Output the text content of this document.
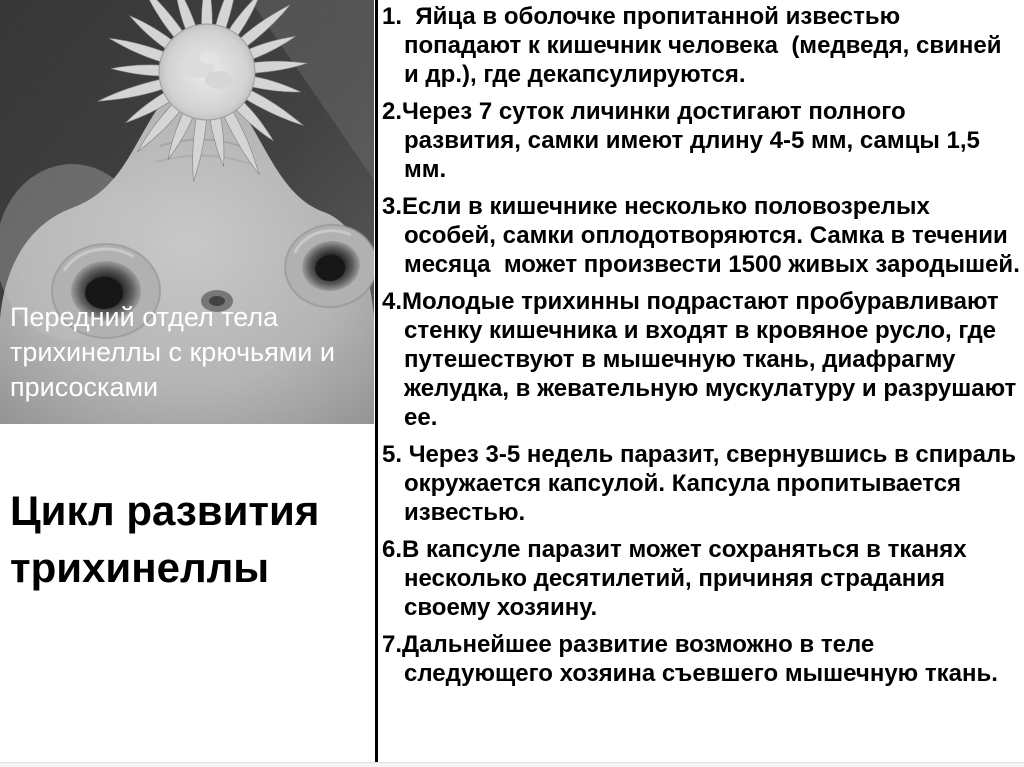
Передний отдел тела трихинеллы с крючьями и присосками
Цикл развития трихинеллы
1.  Яйца в оболочке пропитанной известью попадают к кишечник человека  (медведя, свиней и др.), где декапсулируются.
2.Через 7 суток личинки достигают полного развития, самки имеют длину 4-5 мм, самцы 1,5 мм.
3.Если в кишечнике несколько половозрелых особей, самки оплодотворяются. Самка в течении месяца  может произвести 1500 живых зародышей.
4.Молодые трихинны подрастают пробуравливают стенку кишечника и входят в кровяное русло, где путешествуют в мышечную ткань, диафрагму желудка, в жевательную мускулатуру и разрушают ее.
5. Через 3-5 недель паразит, свернувшись в спираль окружается капсулой. Капсула пропитывается известью.
6.В капсуле паразит может сохраняться в тканях несколько десятилетий, причиняя страдания своему хозяину.
7.Дальнейшее развитие возможно в теле следующего хозяина съевшего мышечную ткань.
